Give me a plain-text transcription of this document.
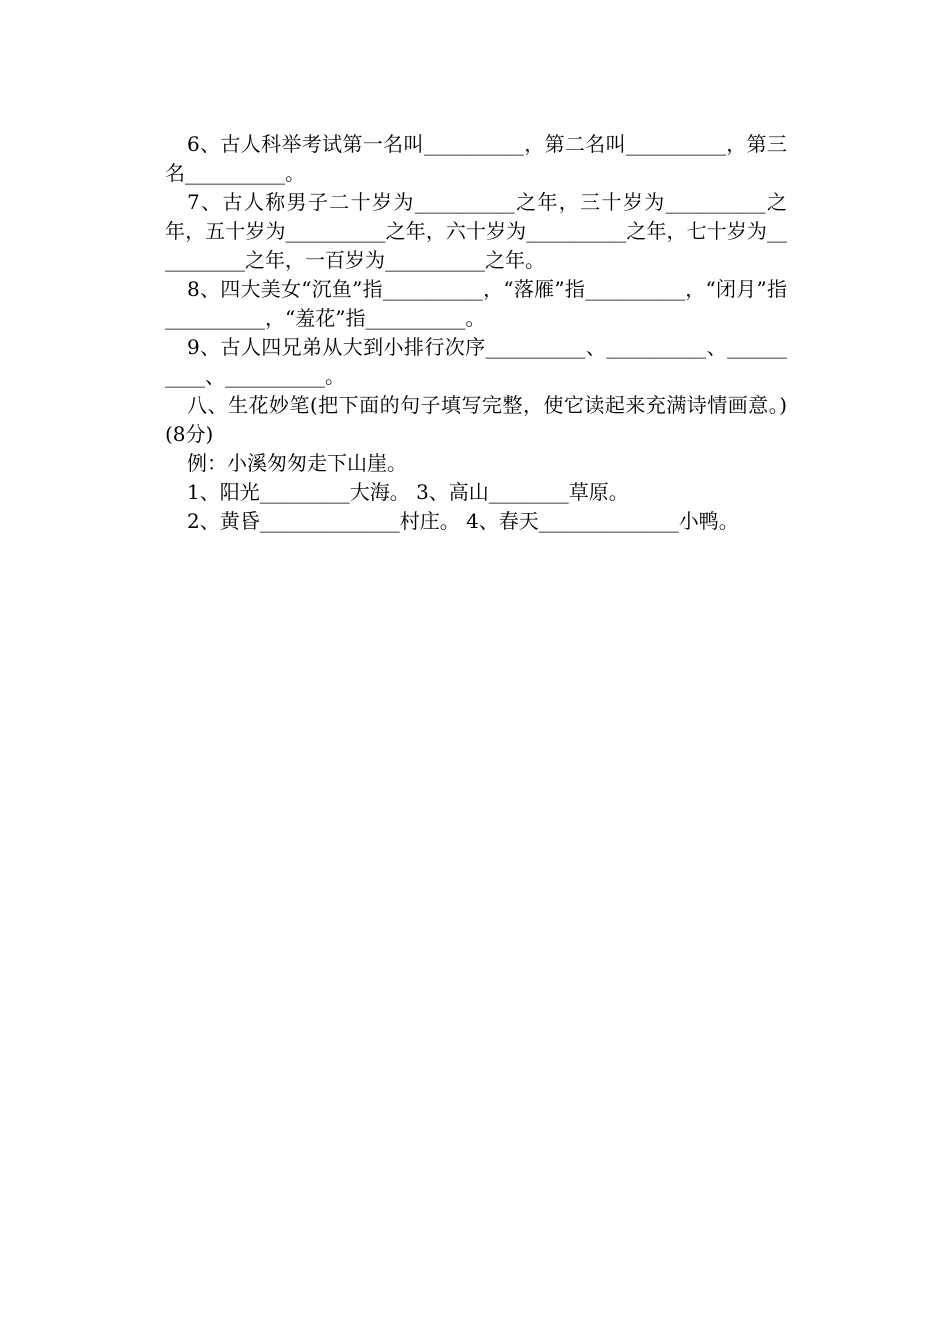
6、古人科举考试第一名叫__________，第二名叫__________，第三名__________。

7、古人称男子二十岁为__________之年，三十岁为__________之年，五十岁为__________之年，六十岁为__________之年，七十岁为__________之年，一百岁为__________之年。

8、四大美女“沉鱼”指__________，“落雁”指__________，“闭月”指__________，“羞花”指__________。

9、古人四兄弟从大到小排行次序__________、__________、__________、__________。

八、生花妙笔(把下面的句子填写完整，使它读起来充满诗情画意。)(8分)

例：小溪匆匆走下山崖。

1、阳光_________大海。 3、高山________草原。

2、黄昏______________村庄。 4、春天______________小鸭。
